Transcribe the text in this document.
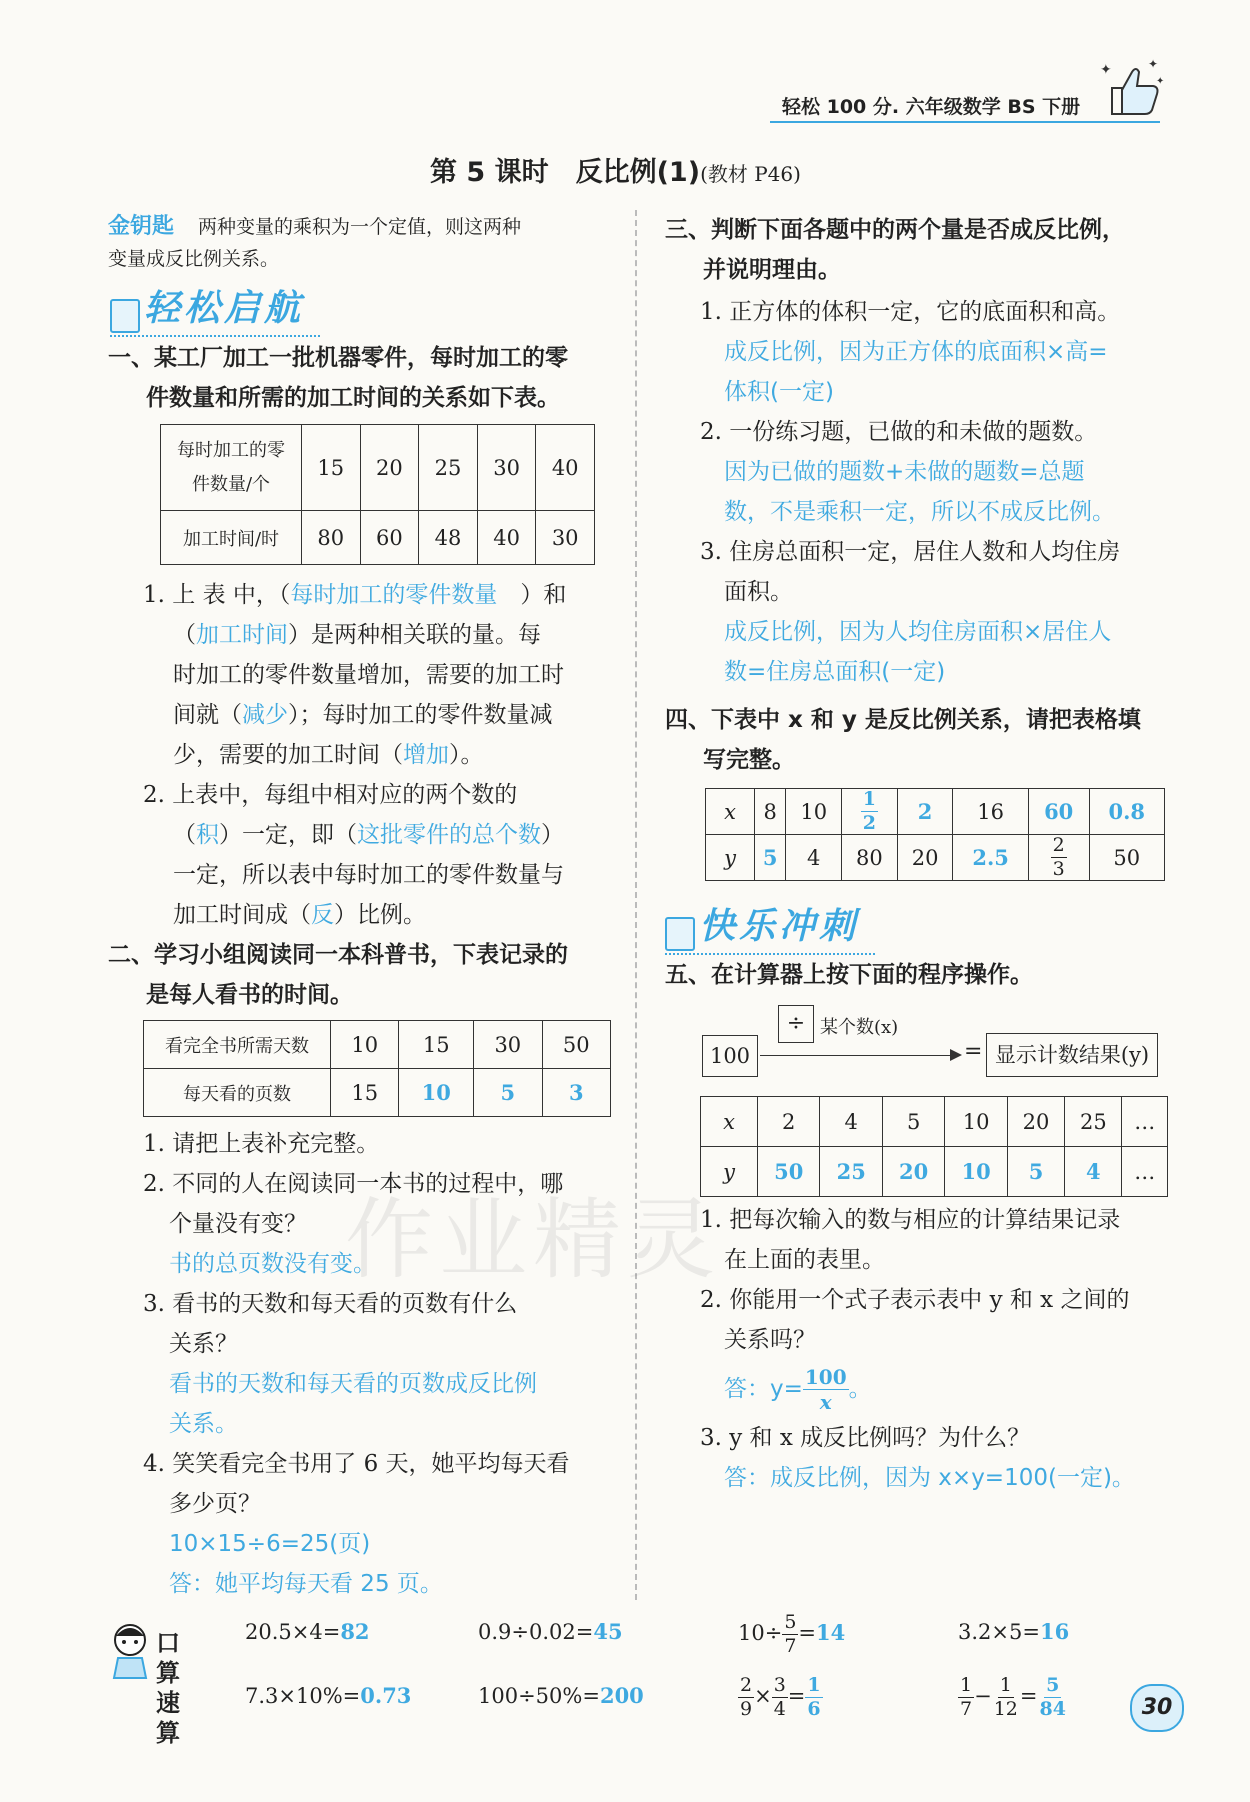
轻松 100 分. 六年级数学 BS 下册
✦	✦
✦
第 5 课时　反比例(1)(教材 P46)
金钥匙 两种变量的乘积为一个定值，则这两种
变量成反比例关系。
轻松启航
一、某工厂加工一批机器零件，每时加工的零
件数量和所需的加工时间的关系如下表。
每时加工的零
件数量/个	15	20	25	30	40
加工时间/时	80	60	48	40	30
1. 上 表 中，（每时加工的零件数量　 ）和
（加工时间）是两种相关联的量。每
时加工的零件数量增加，需要的加工时
间就（减少）；每时加工的零件数量减
少，需要的加工时间（增加）。
2. 上表中，每组中相对应的两个数的
（积）一定，即（这批零件的总个数）
一定，所以表中每时加工的零件数量与
加工时间成（反）比例。
二、学习小组阅读同一本科普书，下表记录的
是每人看书的时间。
看完全书所需天数	10	15	30	50
每天看的页数	15	10	5	3
1. 请把上表补充完整。
2. 不同的人在阅读同一本书的过程中，哪
个量没有变？
书的总页数没有变。
3. 看书的天数和每天看的页数有什么
关系？
看书的天数和每天看的页数成反比例
关系。
4. 笑笑看完全书用了 6 天，她平均每天看
多少页？
10×15÷6=25(页)
答：她平均每天看 25 页。
三、判断下面各题中的两个量是否成反比例，
并说明理由。
1. 正方体的体积一定，它的底面积和高。
成反比例，因为正方体的底面积×高=
体积(一定)
2. 一份练习题，已做的和未做的题数。
因为已做的题数+未做的题数=总题
数，不是乘积一定，所以不成反比例。
3. 住房总面积一定，居住人数和人均住房
面积。
成反比例，因为人均住房面积×居住人
数=住房总面积(一定)
四、下表中 x 和 y 是反比例关系，请把表格填
写完整。
x	8	10	$\frac{1}{2}$	2	16	60	0.8
y	5	4	80	20	2.5	$\frac{2}{3}$	50
快乐冲刺
五、在计算器上按下面的程序操作。
100
÷ 某个数(x)
= 显示计数结果(y)
x	2	4	5	10	20	25	…
y	50	25	20	10	5	4	…
1. 把每次输入的数与相应的计算结果记录
在上面的表里。
2. 你能用一个式子表示表中 y 和 x 之间的
关系吗？
答：$y= \frac{100}{x}$ 。
3. y 和 x 成反比例吗？为什么？
答：成反比例，因为 x×y=100(一定)。
口　算
速　算
20.5×4=82	0.9÷0.02=45	$10\div \frac{5}{7} =14$	3.2×5=16
7.3×10%=0.73	100÷50%=200	$\frac{2}{9} \times \frac{3}{4} = \frac{1}{6}$	$\frac{1}{7} - \frac{1}{12} = \frac{5}{84}$
作业精灵
30
